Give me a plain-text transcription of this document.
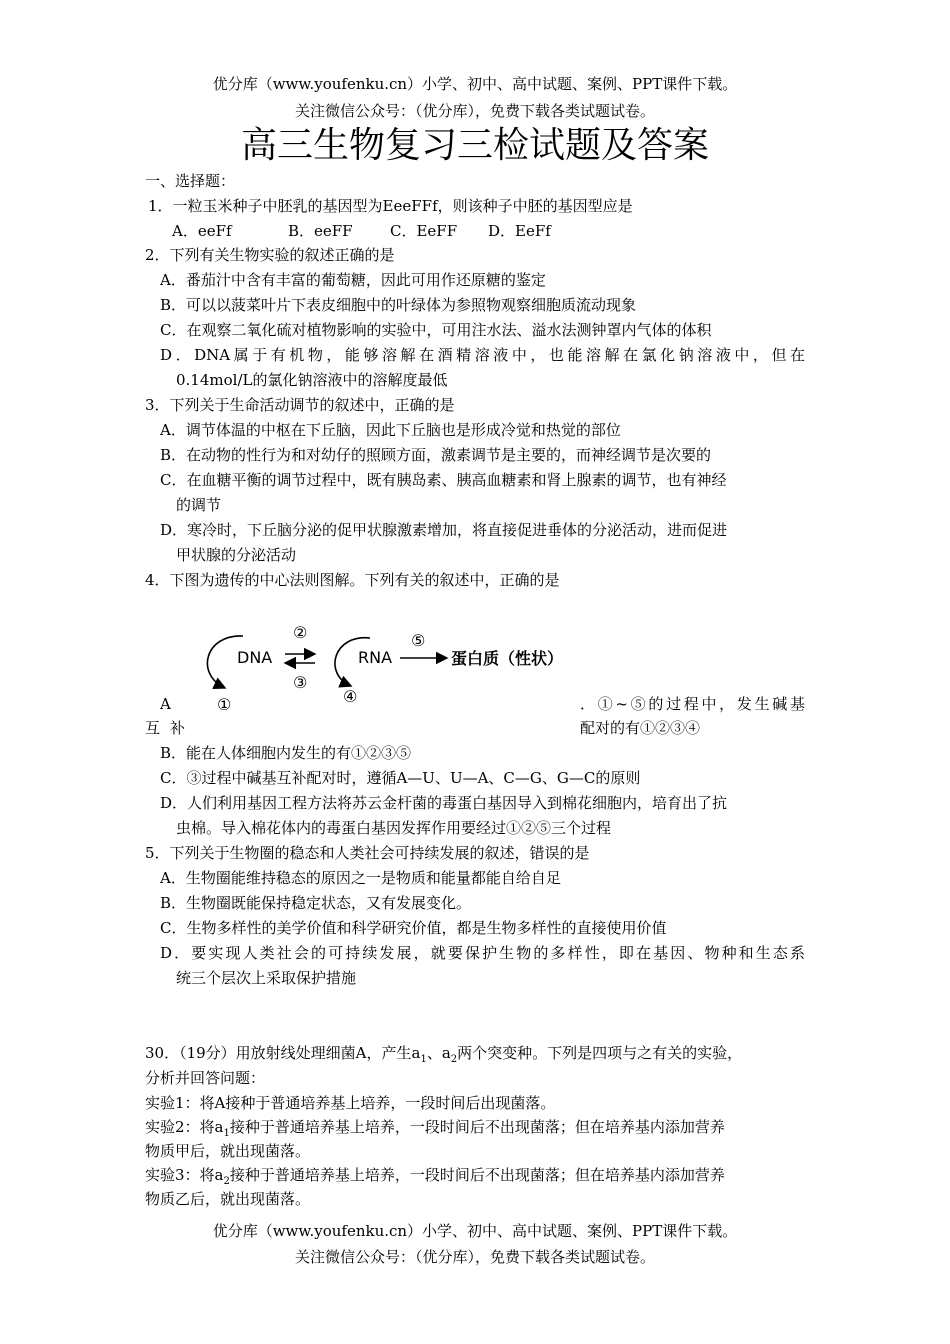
优分库（www.youfenku.cn）小学、初中、高中试题、案例、PPT课件下载。
关注微信公众号：（优分库），免费下载各类试题试卷。
高三生物复习三检试题及答案
一、选择题：
1．一粒玉米种子中胚乳的基因型为EeeFFf，则该种子中胚的基因型应是
A．eeFf	B．eeFF C．EeFF D．EeFf
2．下列有关生物实验的叙述正确的是
A．番茄汁中含有丰富的葡萄糖，因此可用作还原糖的鉴定
B．可以以菠菜叶片下表皮细胞中的叶绿体为参照物观察细胞质流动现象
C．在观察二氧化硫对植物影响的实验中，可用注水法、溢水法测钟罩内气体的体积
D．DNA属于有机物，能够溶解在酒精溶液中，也能溶解在氯化钠溶液中，但在
0.14mol/L的氯化钠溶液中的溶解度最低
3．下列关于生命活动调节的叙述中，正确的是
A．调节体温的中枢在下丘脑，因此下丘脑也是形成冷觉和热觉的部位
B．在动物的性行为和对幼仔的照顾方面，激素调节是主要的，而神经调节是次要的
C．在血糖平衡的调节过程中，既有胰岛素、胰高血糖素和肾上腺素的调节，也有神经
的调节
D．寒冷时，下丘脑分泌的促甲状腺激素增加，将直接促进垂体的分泌活动，进而促进
甲状腺的分泌活动
4．下图为遗传的中心法则图解。下列有关的叙述中，正确的是
DNA	RNA
②
③
①	④
⑤
蛋白质（性状）
A	．①~⑤的过程中，发生碱基
互补	配对的有①②③④
B．能在人体细胞内发生的有①②③⑤
C．③过程中碱基互补配对时，遵循A—U、U—A、C—G、G—C的原则
D．人们利用基因工程方法将苏云金杆菌的毒蛋白基因导入到棉花细胞内，培育出了抗
虫棉。导入棉花体内的毒蛋白基因发挥作用要经过①②⑤三个过程
5．下列关于生物圈的稳态和人类社会可持续发展的叙述，错误的是
A．生物圈能维持稳态的原因之一是物质和能量都能自给自足
B．生物圈既能保持稳定状态，又有发展变化。
C．生物多样性的美学价值和科学研究价值，都是生物多样性的直接使用价值
D．要实现人类社会的可持续发展，就要保护生物的多样性，即在基因、物种和生态系
统三个层次上采取保护措施
30．（19分）用放射线处理细菌A，产生$a_1$、$a_2$两个突变种。下列是四项与之有关的实验，
分析并回答问题：
实验1：将A接种于普通培养基上培养，一段时间后出现菌落。
实验2：将$a_1$接种于普通培养基上培养，一段时间后不出现菌落；但在培养基内添加营养
物质甲后，就出现菌落。
实验3：将$a_2$接种于普通培养基上培养，一段时间后不出现菌落；但在培养基内添加营养
物质乙后，就出现菌落。
优分库（www.youfenku.cn）小学、初中、高中试题、案例、PPT课件下载。
关注微信公众号：（优分库），免费下载各类试题试卷。
